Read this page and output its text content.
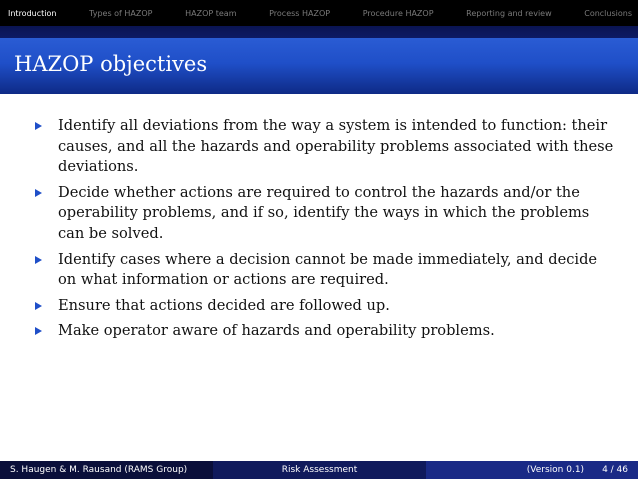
Introduction	Types of HAZOP	HAZOP team	Process HAZOP	Procedure HAZOP	Reporting and review	Conclusions
HAZOP objectives
Identify all deviations from the way a system is intended to function: their causes, and all the hazards and operability problems associated with these deviations.
Decide whether actions are required to control the hazards and/or the operability problems, and if so, identify the ways in which the problems can be solved.
Identify cases where a decision cannot be made immediately, and decide on what information or actions are required.
Ensure that actions decided are followed up.
Make operator aware of hazards and operability problems.
S. Haugen & M. Rausand (RAMS Group)	Risk Assessment	(Version 0.1) 4 / 46
